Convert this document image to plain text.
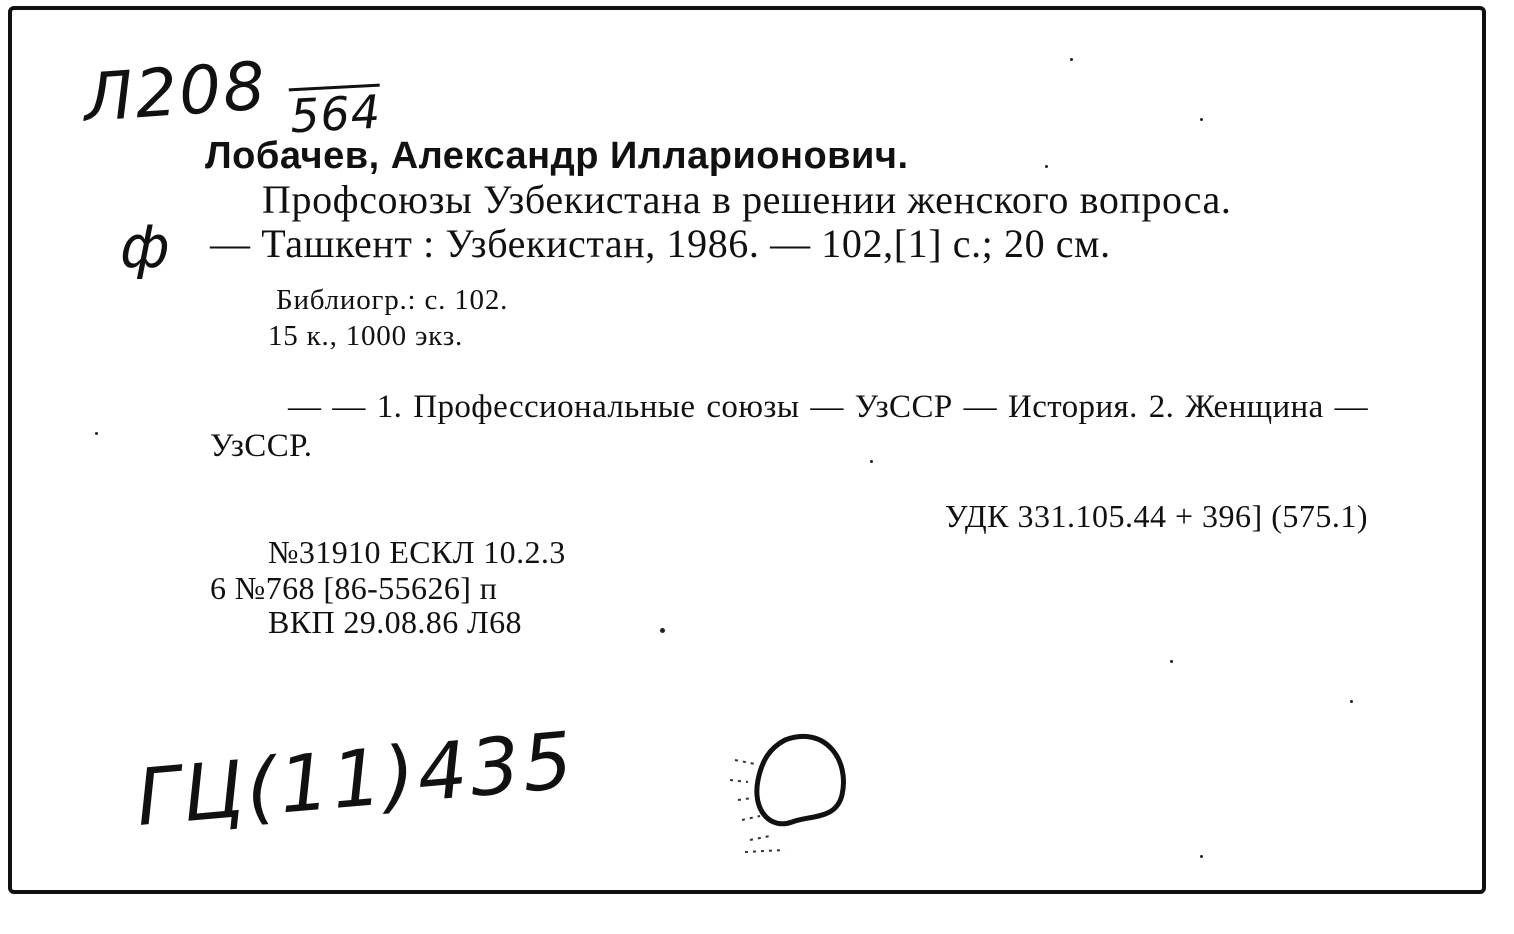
Л208 564
ф

Лобачев, Александр Илларионович.

Профсоюзы Узбекистана в решении женского вопроса.

— Ташкент : Узбекистан, 1986. — 102,[1] с.; 20 см.

Библиогр.: с. 102.

15 к., 1000 экз.

— — 1. Профессиональные союзы — УзССР — История. 2. Женщина — УзССР.

УДК 331.105.44 + 396] (575.1)

№31910 ЕСКЛ 10.2.3

6 №768 [86-55626] п

ВКП 29.08.86 Л68

ГЦ(11)435
